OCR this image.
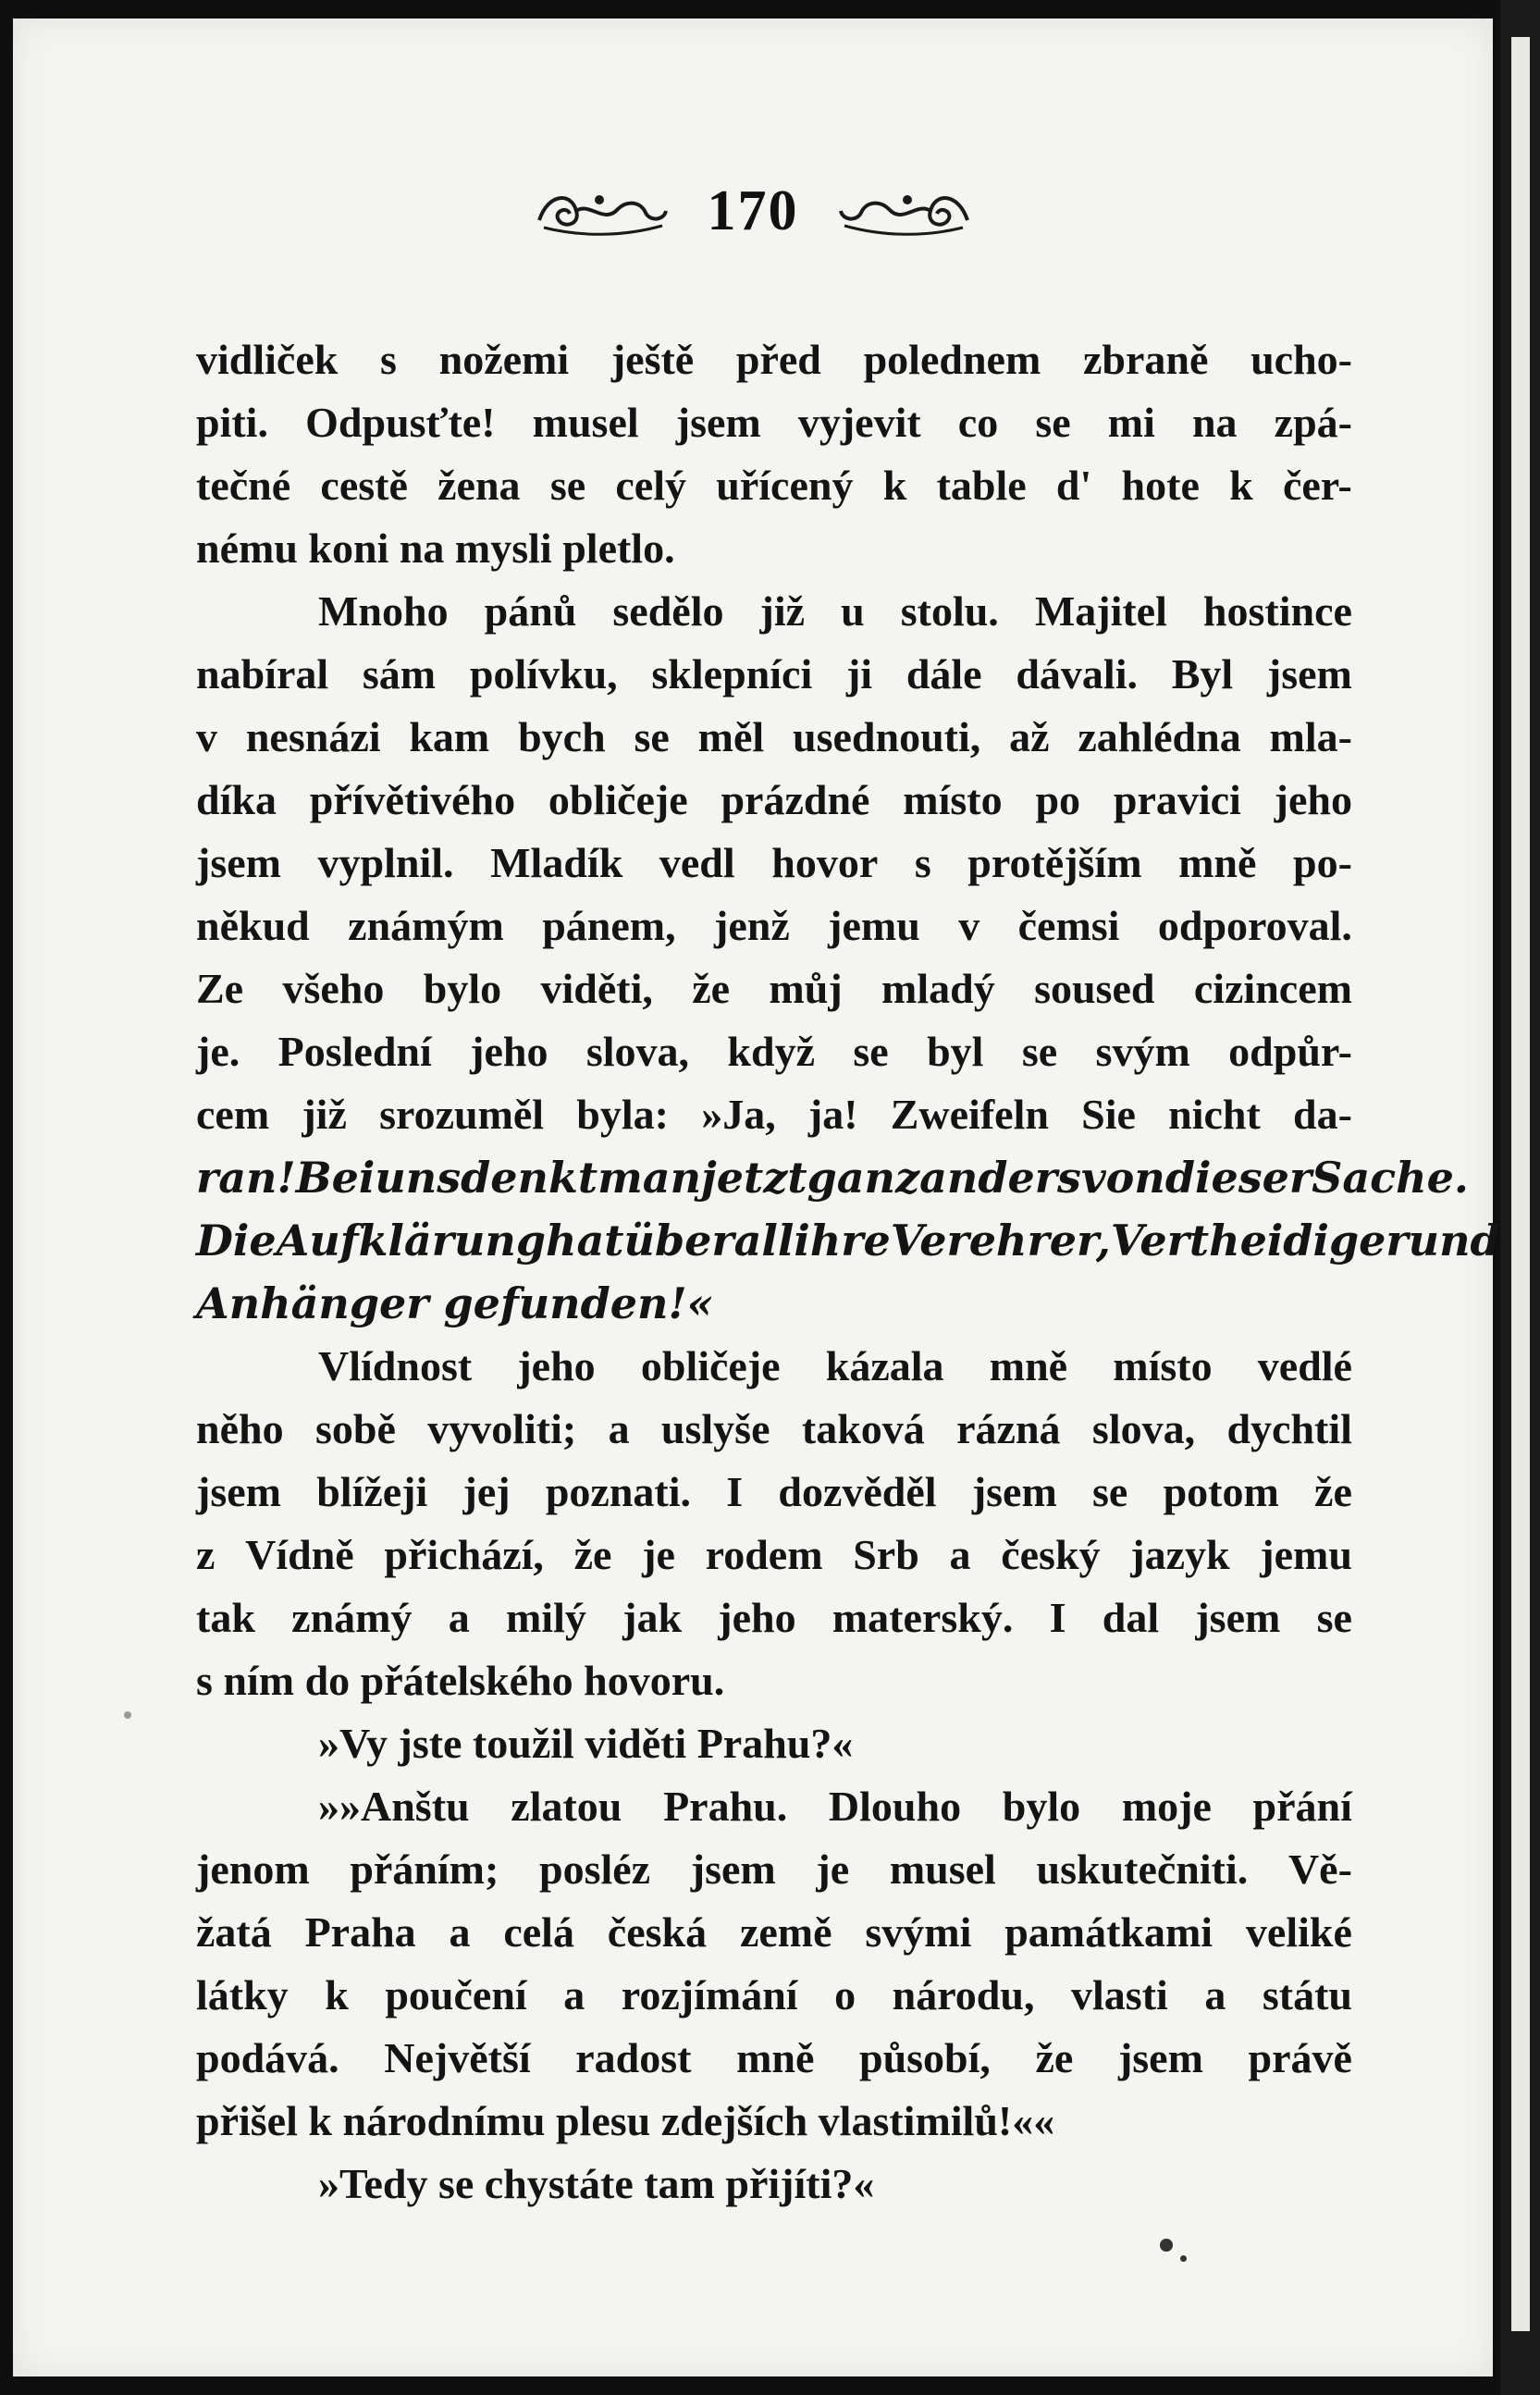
170
vidliček s nožemi ještě před polednem zbraně ucho-
piti. Odpusťte! musel jsem vyjevit co se mi na zpá-
tečné cestě žena se celý uřícený k table d' hote k čer-
nému koni na mysli pletlo.
Mnoho pánů sedělo již u stolu. Majitel hostince
nabíral sám polívku, sklepníci ji dále dávali. Byl jsem
v nesnázi kam bych se měl usednouti, až zahlédna mla-
díka přívětivého obličeje prázdné místo po pravici jeho
jsem vyplnil. Mladík vedl hovor s protějším mně po-
někud známým pánem, jenž jemu v čemsi odporoval.
Ze všeho bylo viděti, že můj mladý soused cizincem
je. Poslední jeho slova, když se byl se svým odpůr-
cem již srozuměl byla: »Ja, ja! Zweifeln Sie nicht da-
ran! Bei uns denkt man jetzt ganz anders von dieser Sache.
Die Aufklärung hat überall ihre Verehrer, Vertheidiger und
Anhänger gefunden!«
Vlídnost jeho obličeje kázala mně místo vedlé
něho sobě vyvoliti; a uslyše taková rázná slova, dychtil
jsem blížeji jej poznati. I dozvěděl jsem se potom že
z Vídně přichází, že je rodem Srb a český jazyk jemu
tak známý a milý jak jeho materský. I dal jsem se
s ním do přátelského hovoru.
»Vy jste toužil viděti Prahu?«
»»Anštu zlatou Prahu. Dlouho bylo moje přání
jenom přáním; posléz jsem je musel uskutečniti. Vě-
žatá Praha a celá česká země svými památkami veliké
látky k poučení a rozjímání o národu, vlasti a státu
podává. Největší radost mně působí, že jsem právě
přišel k národnímu plesu zdejších vlastimilů!««
»Tedy se chystáte tam přijíti?«
